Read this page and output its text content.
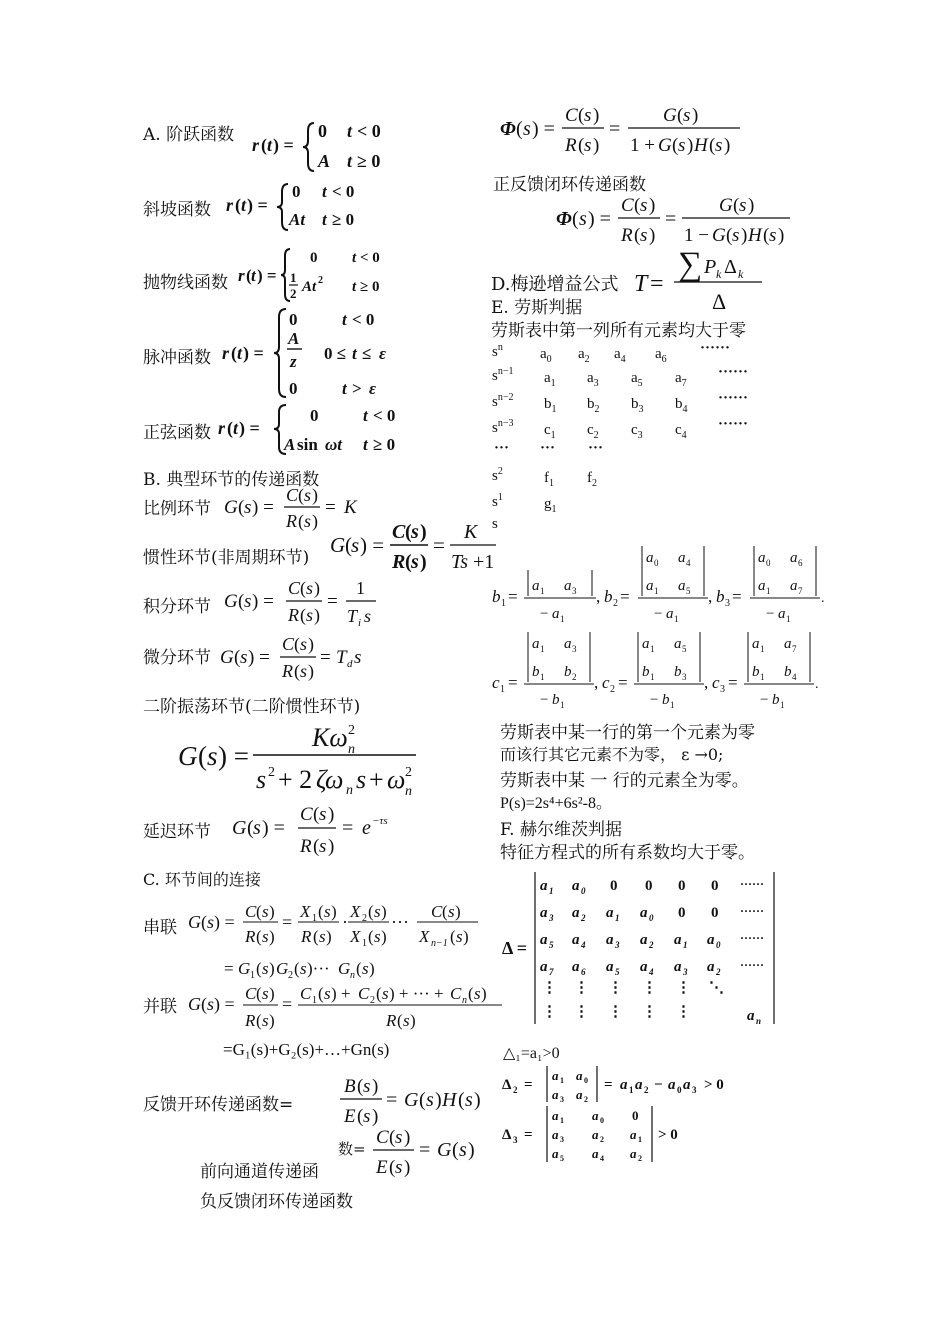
A. 阶跃函数 r ( t ) =
0 t < 0
A t ≥ 0
斜坡函数 r ( t ) =
0 t < 0
At t ≥ 0
抛物线函数 r ( t ) =
0 t < 0
1
2 At 2 t ≥ 0
脉冲函数 r ( t ) =
0	t < 0
A
z 0 ≤ t ≤ ε
0	t > ε
正弦函数 r ( t ) =
0	t < 0
A sin ωt t ≥ 0
B. 典型环节的传递函数
比例环节 G ( s ) =
C ( s )
R ( s )
= K
惯性环节(非周期环节)
G ( s ) =
C ( s )
R ( s )
=
K
Ts +1
积分环节 G ( s ) =
C ( s )
R ( s )
=
1
T i s
微分环节 G ( s ) =
C ( s )
R ( s )
= T d s
二阶振荡环节(二阶惯性环节)
G ( s ) =
Kω 2
n
s 2 + 2 ζω n s + ω 2
n
延迟环节 G ( s ) =
C ( s )
R ( s )
= e −τs
C. 环节间的连接
串联 G ( s ) =
C ( s )
R ( s )
=
X 1 ( s )
R ( s )
·
X 2 ( s )
X 1 ( s )
···
C ( s )
X n−1 ( s )
= G 1 ( s ) G 2 ( s )··· G n ( s )
并联 G ( s ) =
C ( s )
R ( s )
=
C 1 ( s ) + C 2 ( s ) + ··· + C n ( s )
R ( s )
=G₁(s)+G₂(s)+…+Gn(s)
反馈开环传递函数=
B ( s )
E ( s )
= G ( s ) H ( s )
数=
C ( s )
E ( s )
= G ( s )
前向通道传递函
负反馈闭环传递函数
Φ ( s ) =
C ( s )
R ( s )
=
G ( s )
1 + G ( s ) H ( s )
正反馈闭环传递函数
Φ ( s ) =
C ( s )
R ( s )
=
G ( s )
1 − G ( s ) H ( s )
D.梅逊增益公式 T =
∑ P k Δ k
Δ
E. 劳斯判据
劳斯表中第一列所有元素均大于零
$s^n$ $a_0$ $a_2$ $a_4$ $a_6$
······
$s^{n-1}$ $a_1$ $a_3$ $a_5$ $a_7$
······
$s^{n-2}$ $b_1$ $b_2$ $b_3$ $b_4$
······
$s^{n-3}$ $c_1$ $c_2$ $c_3$ $c_4$
······
··· ··· ···
$s^2$	$f_1$ $f_2$
$s^1$	$g_1$
s
b 1 =
a 1 a 3
− a 1
, b 2 =
a 0 a 4
a 1 a 5
− a 1
, b 3 =
a 0 a 6
a 1 a 7
− a 1
.
c 1 =
a 1 a 3
b 1 b 2
− b 1
, c 2 =
a 1 a 5
b 1 b 3
− b 1
, c 3 =
a 1 a 7
b 1 b 4
− b 1
.
劳斯表中某一行的第一个元素为零
而该行其它元素不为零， ε →0;
劳斯表中某 一 行的元素全为零。
P(s)=2s⁴+6s²-8。
F. 赫尔维茨判据
特征方程式的所有系数均大于零。
Δ =
a 1 a 0 0 0 0 0 ······
a 3 a 2 a 1 a 0 0 0 ······
a 5 a 4 a 3 a 2 a 1 a 0 ······
a 7 a 6 a 5 a 4 a 3 a 2 ······
⋮ ⋮ ⋮ ⋮ ⋮ ⋱
⋮ ⋮ ⋮ ⋮ ⋮	a n
△₁=a₁>0
Δ 2 =
a 1 a 0
a 3 a 2
= a 1 a 2 − a 0 a 3 > 0
Δ 3 =
a 1 a 0 0
a 3 a 2 a 1
a 5 a 4 a 2
> 0
